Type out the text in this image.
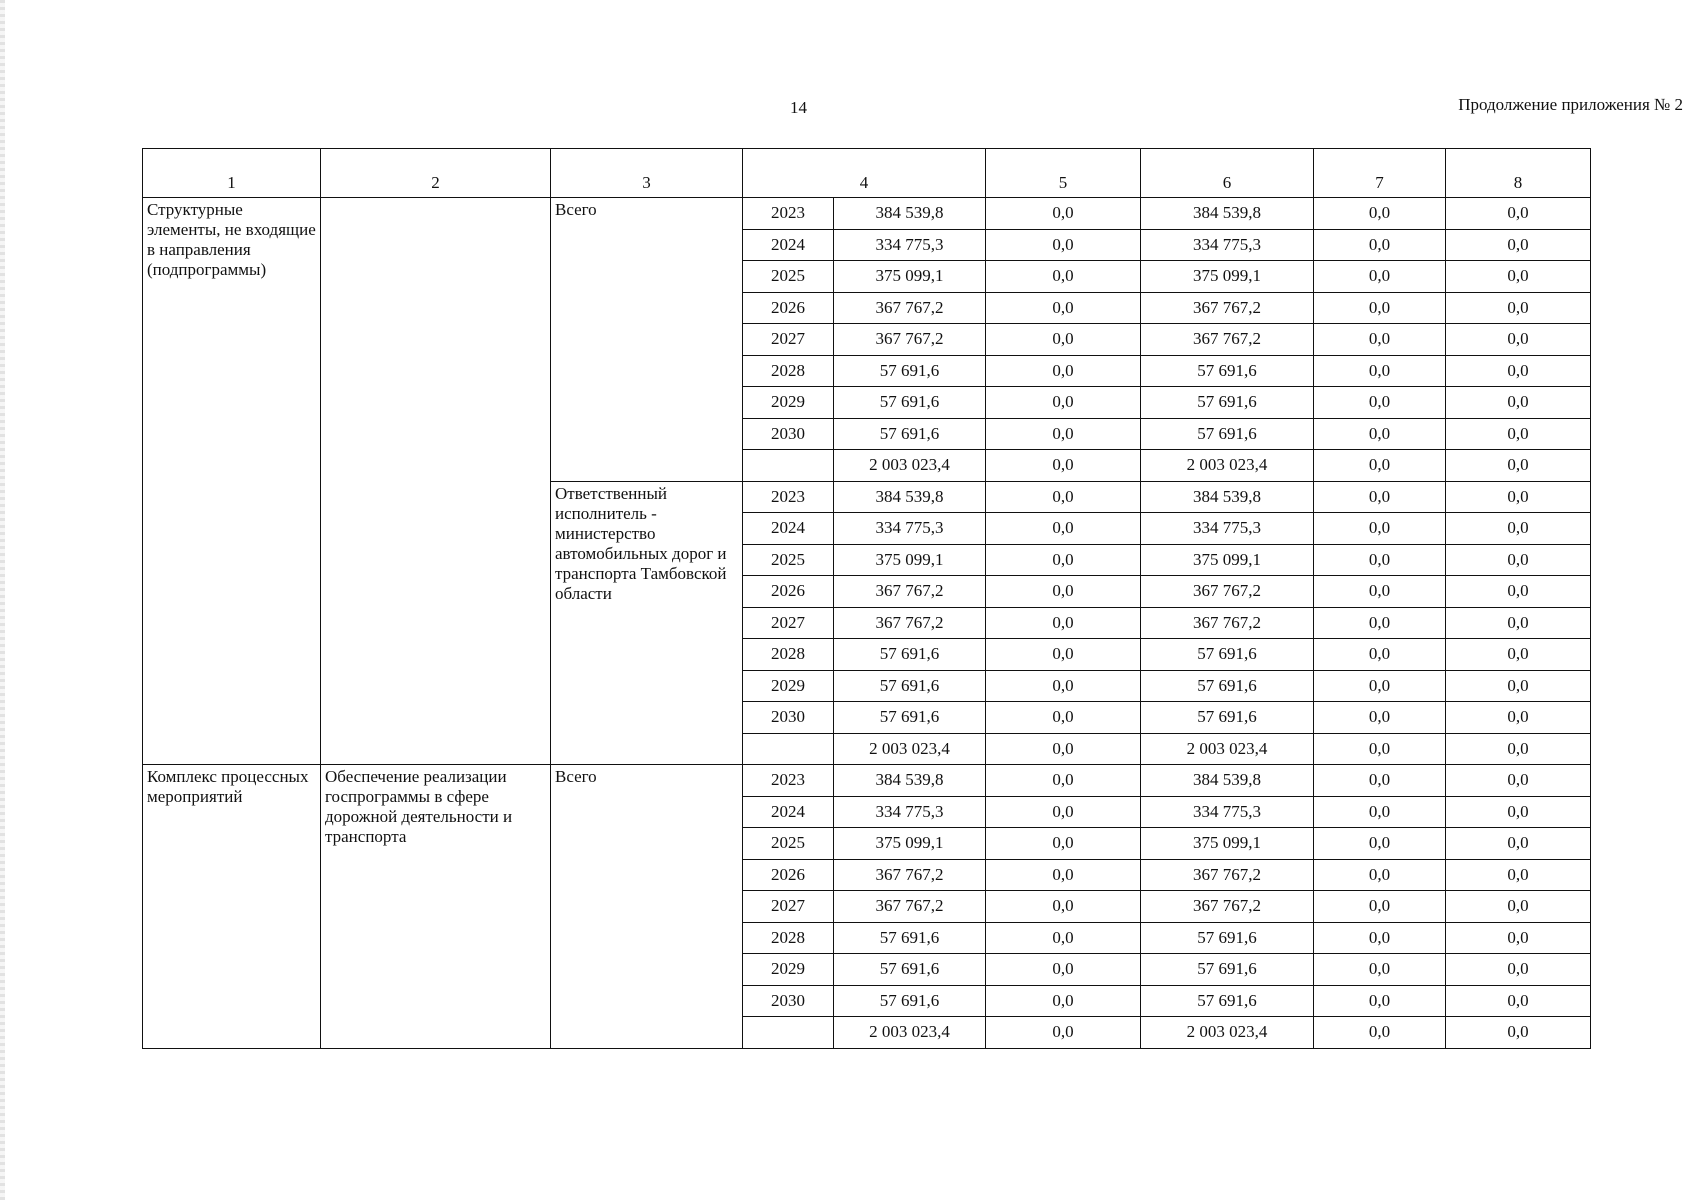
14	Продолжение приложения № 2
1	2	3	4		5	6	7	8
Структурные элементы, не входящие в направления (подпрограммы)		Всего	2023	384 539,8	0,0	384 539,8	0,0	0,0
			2024	334 775,3	0,0	334 775,3	0,0	0,0
			2025	375 099,1	0,0	375 099,1	0,0	0,0
			2026	367 767,2	0,0	367 767,2	0,0	0,0
			2027	367 767,2	0,0	367 767,2	0,0	0,0
			2028	57 691,6	0,0	57 691,6	0,0	0,0
			2029	57 691,6	0,0	57 691,6	0,0	0,0
			2030	57 691,6	0,0	57 691,6	0,0	0,0
				2 003 023,4	0,0	2 003 023,4	0,0	0,0
		Ответственный исполнитель - министерство автомобильных дорог и транспорта Тамбовской области	2023	384 539,8	0,0	384 539,8	0,0	0,0
			2024	334 775,3	0,0	334 775,3	0,0	0,0
			2025	375 099,1	0,0	375 099,1	0,0	0,0
			2026	367 767,2	0,0	367 767,2	0,0	0,0
			2027	367 767,2	0,0	367 767,2	0,0	0,0
			2028	57 691,6	0,0	57 691,6	0,0	0,0
			2029	57 691,6	0,0	57 691,6	0,0	0,0
			2030	57 691,6	0,0	57 691,6	0,0	0,0
				2 003 023,4	0,0	2 003 023,4	0,0	0,0
Комплекс процессных мероприятий	Обеспечение реализации госпрограммы в сфере дорожной деятельности и транспорта	Всего	2023	384 539,8	0,0	384 539,8	0,0	0,0
			2024	334 775,3	0,0	334 775,3	0,0	0,0
			2025	375 099,1	0,0	375 099,1	0,0	0,0
			2026	367 767,2	0,0	367 767,2	0,0	0,0
			2027	367 767,2	0,0	367 767,2	0,0	0,0
			2028	57 691,6	0,0	57 691,6	0,0	0,0
			2029	57 691,6	0,0	57 691,6	0,0	0,0
			2030	57 691,6	0,0	57 691,6	0,0	0,0
				2 003 023,4	0,0	2 003 023,4	0,0	0,0
